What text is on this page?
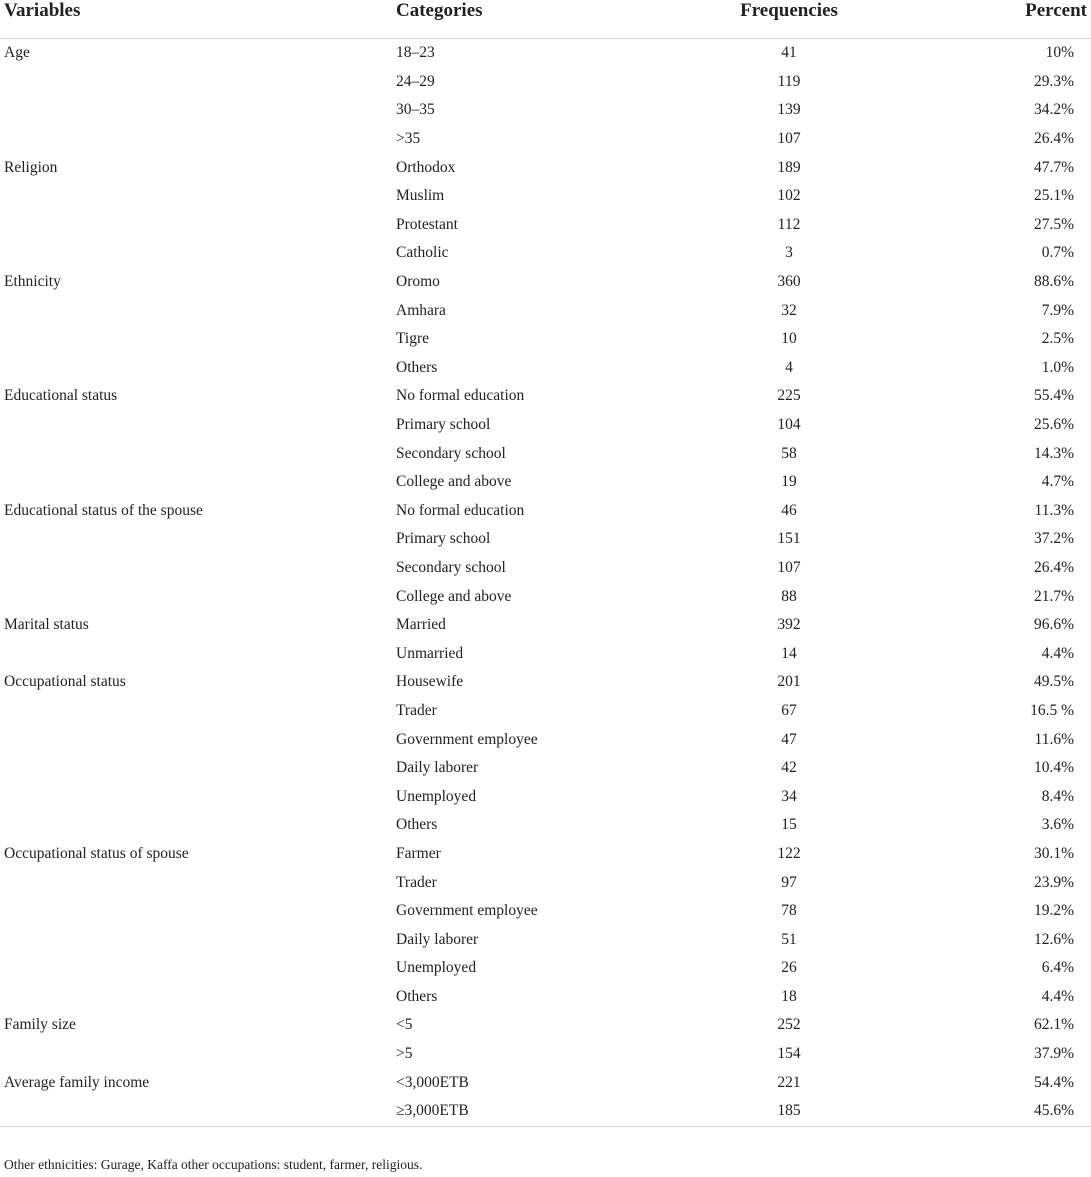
Variables	Categories	Frequencies	Percent
Age	18–23	41	10%
	24–29	119	29.3%
	30–35	139	34.2%
	>35	107	26.4%
Religion	Orthodox	189	47.7%
	Muslim	102	25.1%
	Protestant	112	27.5%
	Catholic	3	0.7%
Ethnicity	Oromo	360	88.6%
	Amhara	32	7.9%
	Tigre	10	2.5%
	Others	4	1.0%
Educational status	No formal education	225	55.4%
	Primary school	104	25.6%
	Secondary school	58	14.3%
	College and above	19	4.7%
Educational status of the spouse	No formal education	46	11.3%
	Primary school	151	37.2%
	Secondary school	107	26.4%
	College and above	88	21.7%
Marital status	Married	392	96.6%
	Unmarried	14	4.4%
Occupational status	Housewife	201	49.5%
	Trader	67	16.5 %
	Government employee	47	11.6%
	Daily laborer	42	10.4%
	Unemployed	34	8.4%
	Others	15	3.6%
Occupational status of spouse	Farmer	122	30.1%
	Trader	97	23.9%
	Government employee	78	19.2%
	Daily laborer	51	12.6%
	Unemployed	26	6.4%
	Others	18	4.4%
Family size	<5	252	62.1%
	>5	154	37.9%
Average family income	<3,000ETB	221	54.4%
	≥3,000ETB	185	45.6%
Other ethnicities: Gurage, Kaffa other occupations: student, farmer, religious.
